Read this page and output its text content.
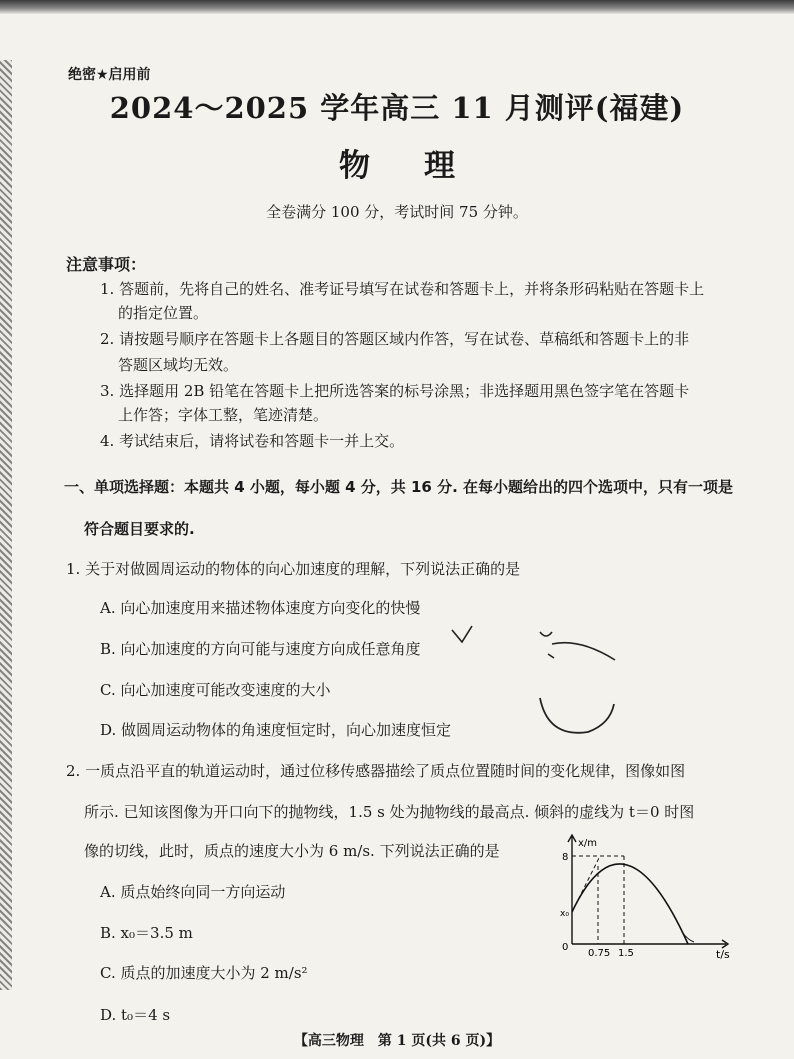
绝密★启用前
2024～2025 学年高三 11 月测评(福建)
物理
全卷满分 100 分，考试时间 75 分钟。
注意事项：
1. 答题前，先将自己的姓名、准考证号填写在试卷和答题卡上，并将条形码粘贴在答题卡上
的指定位置。
2. 请按题号顺序在答题卡上各题目的答题区域内作答，写在试卷、草稿纸和答题卡上的非
答题区域均无效。
3. 选择题用 2B 铅笔在答题卡上把所选答案的标号涂黑；非选择题用黑色签字笔在答题卡
上作答；字体工整，笔迹清楚。
4. 考试结束后，请将试卷和答题卡一并上交。
一、单项选择题：本题共 4 小题，每小题 4 分，共 16 分. 在每小题给出的四个选项中，只有一项是
符合题目要求的.
1. 关于对做圆周运动的物体的向心加速度的理解，下列说法正确的是
A. 向心加速度用来描述物体速度方向变化的快慢
B. 向心加速度的方向可能与速度方向成任意角度
C. 向心加速度可能改变速度的大小
D. 做圆周运动物体的角速度恒定时，向心加速度恒定
2. 一质点沿平直的轨道运动时，通过位移传感器描绘了质点位置随时间的变化规律，图像如图
所示. 已知该图像为开口向下的抛物线，1.5 s 处为抛物线的最高点. 倾斜的虚线为 t＝0 时图
像的切线，此时，质点的速度大小为 6 m/s. 下列说法正确的是
A. 质点始终向同一方向运动
B. x₀＝3.5 m
C. 质点的加速度大小为 2 m/s²
D. t₀＝4 s
x/m
t/s
8
x₀
0
0.75 1.5
【高三物理　第 1 页(共 6 页)】
